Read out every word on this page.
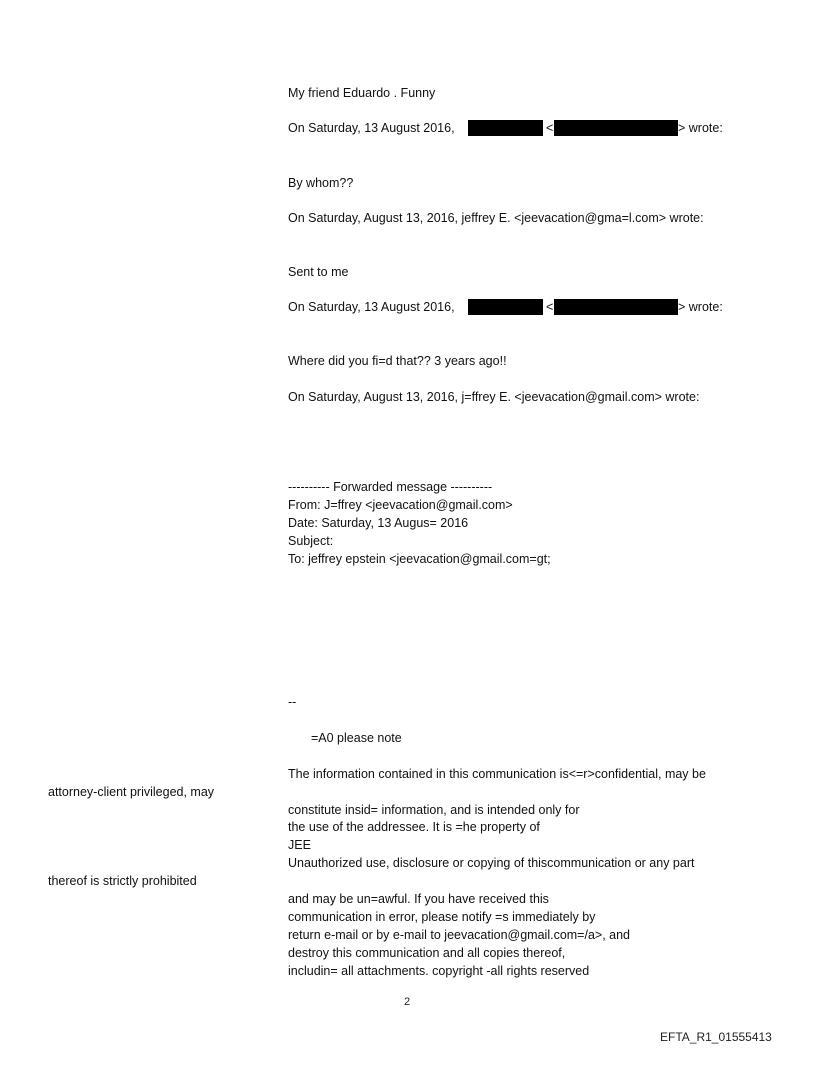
My friend Eduardo . Funny
On Saturday, 13 August 2016,	<	> wrote:
By whom??
On Saturday, August 13, 2016, jeffrey E. <jeevacation@gma=l.com> wrote:
Sent to me
On Saturday, 13 August 2016,	<	> wrote:
Where did you fi=d that?? 3 years ago!!
On Saturday, August 13, 2016, j=ffrey E. <jeevacation@gmail.com> wrote:
---------- Forwarded message ----------
From: J=ffrey <jeevacation@gmail.com>
Date: Saturday, 13 Augus= 2016
Subject:
To: jeffrey epstein <jeevacation@gmail.com=gt;
--
=A0 please note
The information contained in this communication is<=r>confidential, may be
attorney-client privileged, may
constitute insid= information, and is intended only for
the use of the addressee. It is =he property of
JEE
Unauthorized use, disclosure or copying of thiscommunication or any part
thereof is strictly prohibited
and may be un=awful. If you have received this
communication in error, please notify =s immediately by
return e-mail or by e-mail to jeevacation@gmail.com=/a>, and
destroy this communication and all copies thereof,
includin= all attachments. copyright -all rights reserved
2
EFTA_R1_01555413
